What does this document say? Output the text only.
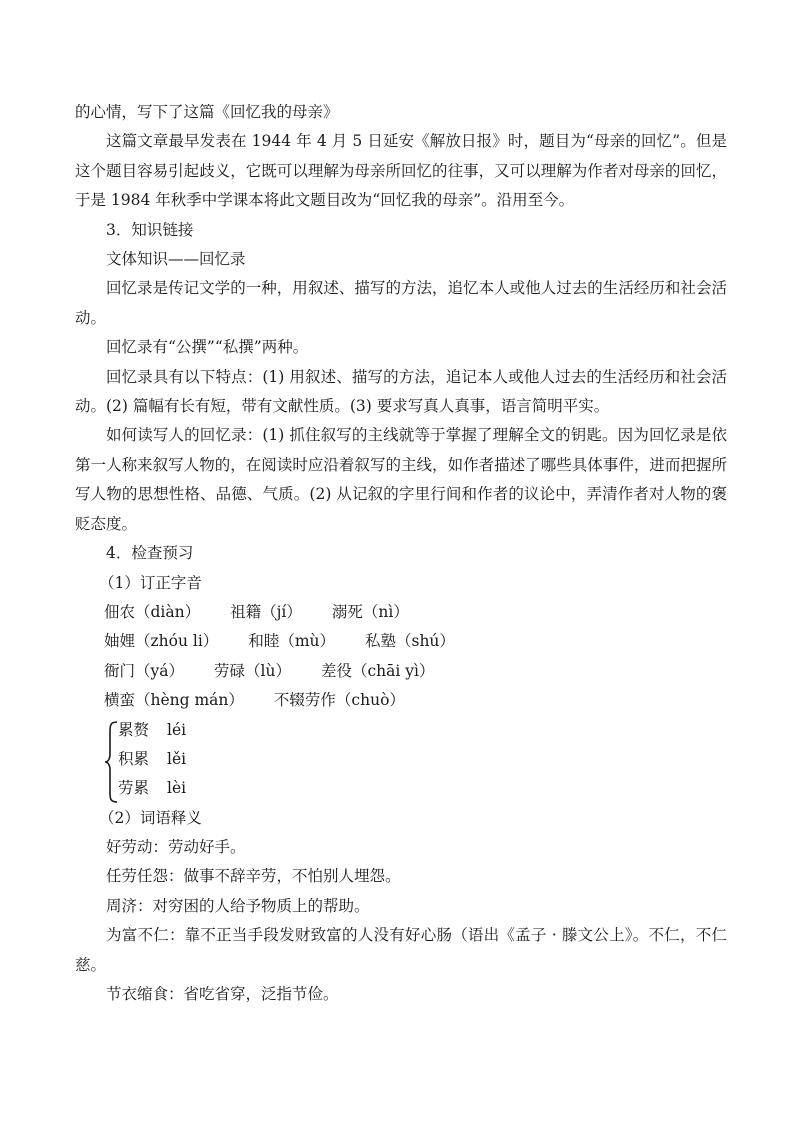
的心情，写下了这篇《回忆我的母亲》

这篇文章最早发表在 1944 年 4 月 5 日延安《解放日报》时，题目为“母亲的回忆”。但是这个题目容易引起歧义，它既可以理解为母亲所回忆的往事，又可以理解为作者对母亲的回忆，于是 1984 年秋季中学课本将此文题目改为“回忆我的母亲”。沿用至今。

3．知识链接

文体知识——回忆录

回忆录是传记文学的一种，用叙述、描写的方法，追忆本人或他人过去的生活经历和社会活动。

回忆录有“公撰”“私撰”两种。

回忆录具有以下特点：(1) 用叙述、描写的方法，追记本人或他人过去的生活经历和社会活动。(2) 篇幅有长有短，带有文献性质。(3) 要求写真人真事，语言简明平实。

如何读写人的回忆录：(1) 抓住叙写的主线就等于掌握了理解全文的钥匙。因为回忆录是依第一人称来叙写人物的，在阅读时应沿着叙写的主线，如作者描述了哪些具体事件，进而把握所写人物的思想性格、品德、气质。(2) 从记叙的字里行间和作者的议论中，弄清作者对人物的褒贬态度。

4．检查预习

（1）订正字音

佃农（diàn） 祖籍（jí） 溺死（nì）
妯娌（zhóu li） 和睦（mù） 私塾（shú）
衙门（yá） 劳碌（lù） 差役（chāi yì）
横蛮（hèng mán） 不辍劳作（chuò）
累赘 léi
积累 lěi
劳累 lèi

（2）词语释义

好劳动：劳动好手。

任劳任怨：做事不辞辛劳，不怕别人埋怨。

周济：对穷困的人给予物质上的帮助。

为富不仁：靠不正当手段发财致富的人没有好心肠（语出《孟子 · 滕文公上》。不仁，不仁慈。

节衣缩食：省吃省穿，泛指节俭。
